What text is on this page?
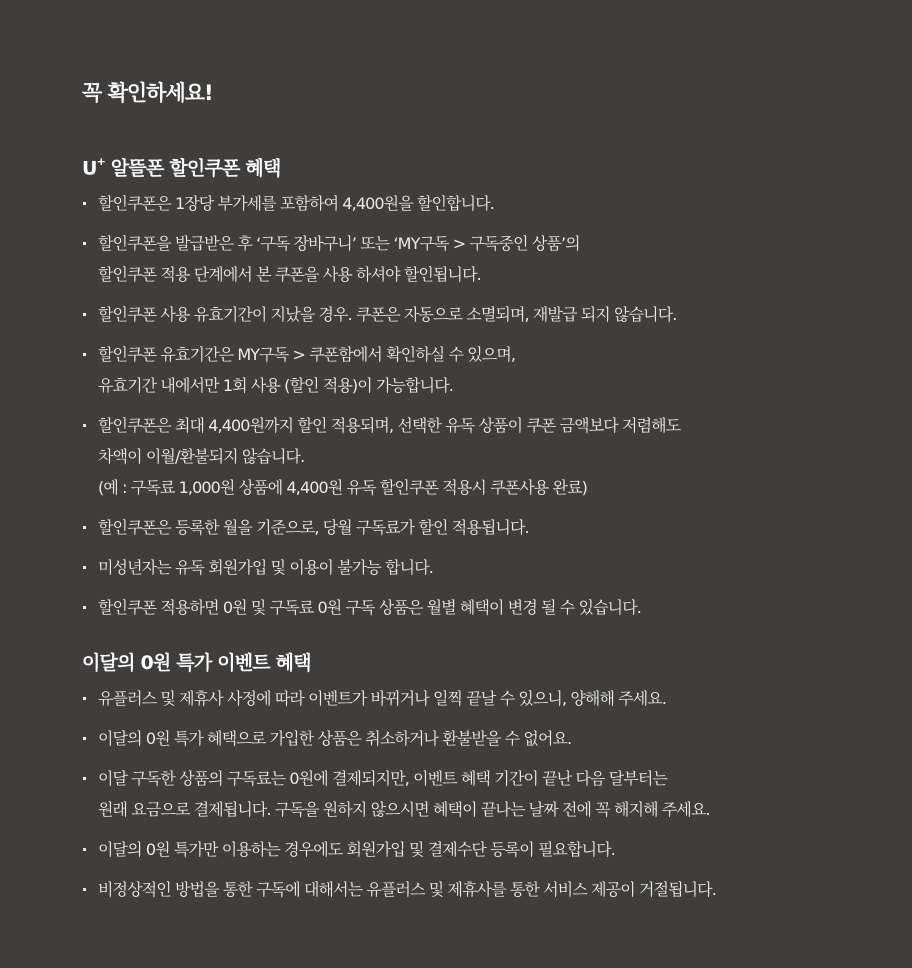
꼭 확인하세요!
U+ 알뜰폰 할인쿠폰 혜택
할인쿠폰은 1장당 부가세를 포함하여 4,400원을 할인합니다.
할인쿠폰을 발급받은 후 ‘구독 장바구니’ 또는 ‘MY구독 > 구독중인 상품’의
할인쿠폰 적용 단계에서 본 쿠폰을 사용 하셔야 할인됩니다.
할인쿠폰 사용 유효기간이 지났을 경우. 쿠폰은 자동으로 소멸되며, 재발급 되지 않습니다.
할인쿠폰 유효기간은 MY구독 > 쿠폰함에서 확인하실 수 있으며,
유효기간 내에서만 1회 사용 (할인 적용)이 가능합니다.
할인쿠폰은 최대 4,400원까지 할인 적용되며, 선택한 유독 상품이 쿠폰 금액보다 저렴해도
차액이 이월/환불되지 않습니다.
(예 : 구독료 1,000원 상품에 4,400원 유독 할인쿠폰 적용시 쿠폰사용 완료)
할인쿠폰은 등록한 월을 기준으로, 당월 구독료가 할인 적용됩니다.
미성년자는 유독 회원가입 및 이용이 불가능 합니다.
할인쿠폰 적용하면 0원 및 구독료 0원 구독 상품은 월별 혜택이 변경 될 수 있습니다.
이달의 0원 특가 이벤트 혜택
유플러스 및 제휴사 사정에 따라 이벤트가 바뀌거나 일찍 끝날 수 있으니, 양해해 주세요.
이달의 0원 특가 혜택으로 가입한 상품은 취소하거나 환불받을 수 없어요.
이달 구독한 상품의 구독료는 0원에 결제되지만, 이벤트 혜택 기간이 끝난 다음 달부터는
원래 요금으로 결제됩니다. 구독을 원하지 않으시면 혜택이 끝나는 날짜 전에 꼭 해지해 주세요.
이달의 0원 특가만 이용하는 경우에도 회원가입 및 결제수단 등록이 필요합니다.
비정상적인 방법을 통한 구독에 대해서는 유플러스 및 제휴사를 통한 서비스 제공이 거절됩니다.
